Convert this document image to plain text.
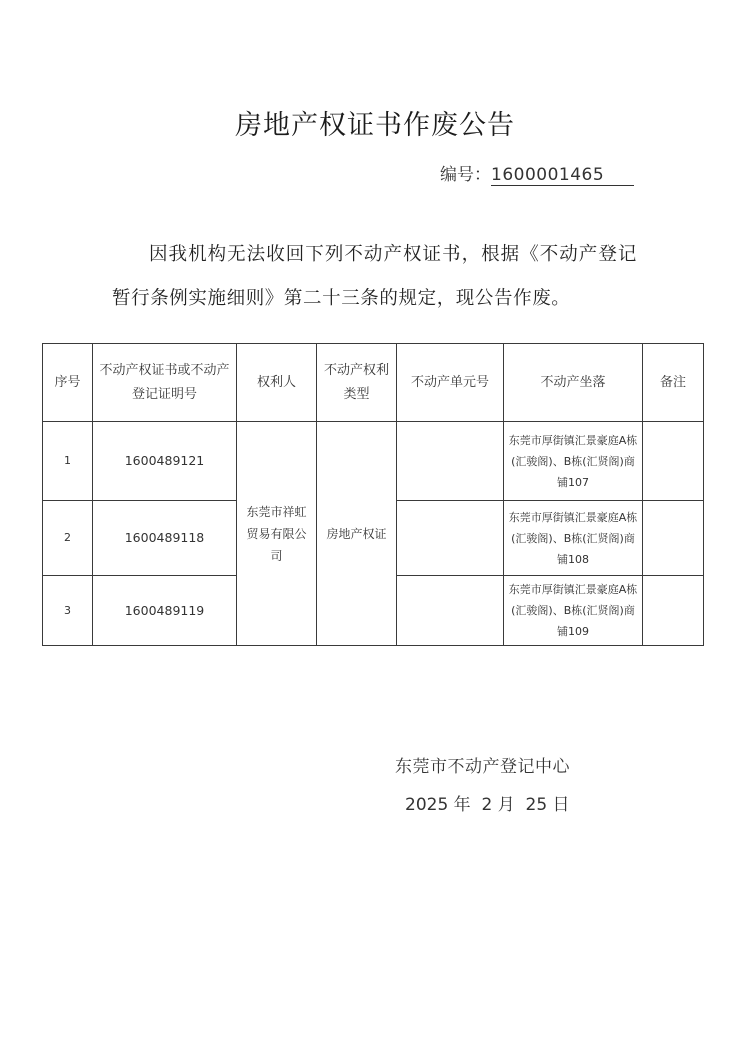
房地产权证书作废公告
编号：1600001465
因我机构无法收回下列不动产权证书，根据《不动产登记暂行条例实施细则》第二十三条的规定，现公告作废。
序号	不动产权证书或不动产登记证明号	权利人	不动产权利类型	不动产单元号	不动产坐落	备注
1	1600489121	东莞市祥虹贸易有限公司	房地产权证		东莞市厚街镇汇景豪庭A栋(汇骏阁)、B栋(汇贤阁)商铺107	
2	1600489118				东莞市厚街镇汇景豪庭A栋(汇骏阁)、B栋(汇贤阁)商铺108	
3	1600489119				东莞市厚街镇汇景豪庭A栋(汇骏阁)、B栋(汇贤阁)商铺109	
东莞市不动产登记中心
2025 年  2 月  25 日
